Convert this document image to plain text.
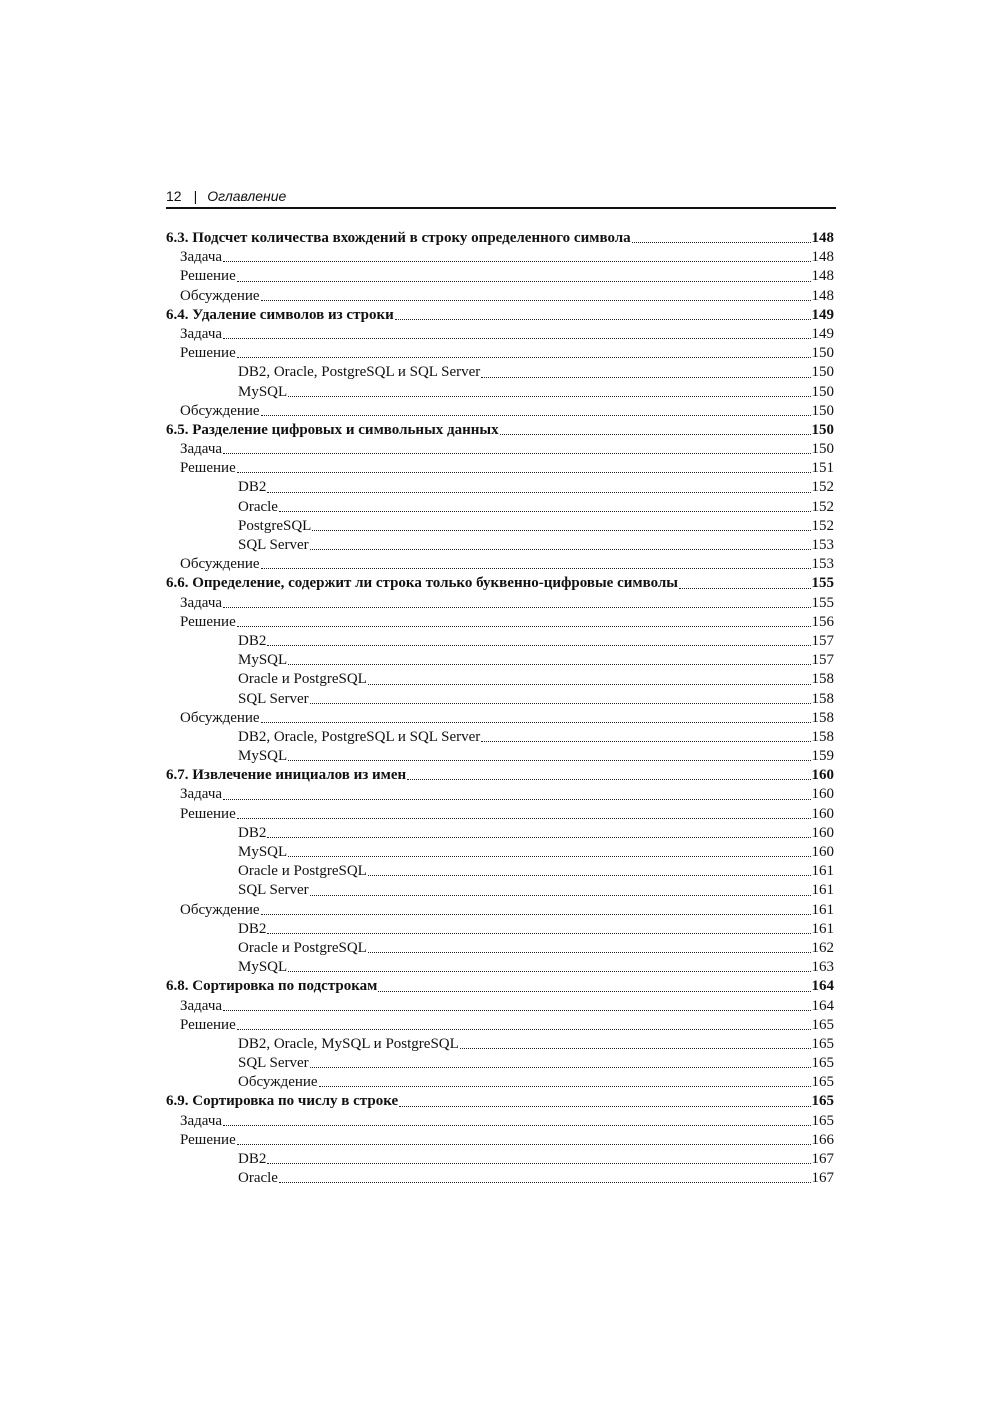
12 | Оглавление
6.3. Подсчет количества вхождений в строку определенного символа	148
Задача	148
Решение	148
Обсуждение	148
6.4. Удаление символов из строки	149
Задача	149
Решение	150
DB2, Oracle, PostgreSQL и SQL Server	150
MySQL	150
Обсуждение	150
6.5. Разделение цифровых и символьных данных	150
Задача	150
Решение	151
DB2	152
Oracle	152
PostgreSQL	152
SQL Server	153
Обсуждение	153
6.6. Определение, содержит ли строка только буквенно-цифровые символы	155
Задача	155
Решение	156
DB2	157
MySQL	157
Oracle и PostgreSQL	158
SQL Server	158
Обсуждение	158
DB2, Oracle, PostgreSQL и SQL Server	158
MySQL	159
6.7. Извлечение инициалов из имен	160
Задача	160
Решение	160
DB2	160
MySQL	160
Oracle и PostgreSQL	161
SQL Server	161
Обсуждение	161
DB2	161
Oracle и PostgreSQL	162
MySQL	163
6.8. Сортировка по подстрокам	164
Задача	164
Решение	165
DB2, Oracle, MySQL и PostgreSQL	165
SQL Server	165
Обсуждение	165
6.9. Сортировка по числу в строке	165
Задача	165
Решение	166
DB2	167
Oracle	167
